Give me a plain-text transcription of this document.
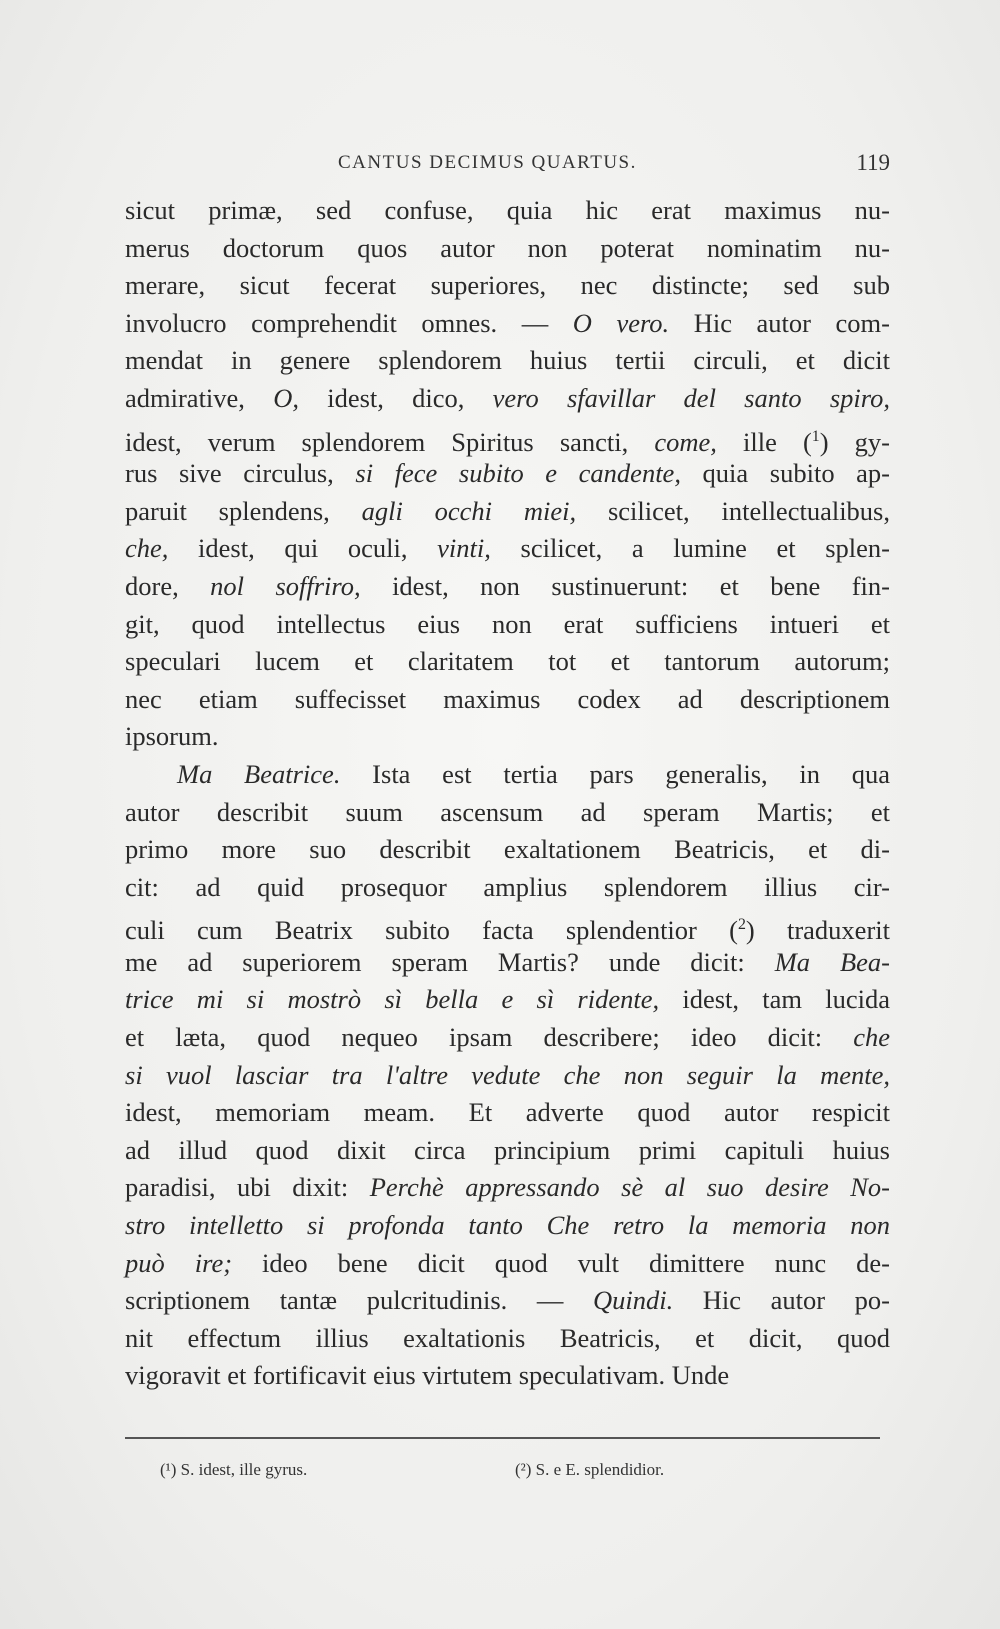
CANTUS DECIMUS QUARTUS.	119
sicut primæ, sed confuse, quia hic erat maximus nu-
merus doctorum quos autor non poterat nominatim nu-
merare, sicut fecerat superiores, nec distincte; sed sub
involucro comprehendit omnes. — O vero. Hic autor com-
mendat in genere splendorem huius tertii circuli, et dicit
admirative, O, idest, dico, vero sfavillar del santo spiro,
idest, verum splendorem Spiritus sancti, come, ille ($^1$) gy-
rus sive circulus, si fece subito e candente, quia subito ap-
paruit splendens, agli occhi miei, scilicet, intellectualibus,
che, idest, qui oculi, vinti, scilicet, a lumine et splen-
dore, nol soffriro, idest, non sustinuerunt: et bene fin-
git, quod intellectus eius non erat sufficiens intueri et
speculari lucem et claritatem tot et tantorum autorum;
nec etiam suffecisset maximus codex ad descriptionem
ipsorum.
Ma Beatrice. Ista est tertia pars generalis, in qua
autor describit suum ascensum ad speram Martis; et
primo more suo describit exaltationem Beatricis, et di-
cit: ad quid prosequor amplius splendorem illius cir-
culi cum Beatrix subito facta splendentior ($^2$) traduxerit
me ad superiorem speram Martis? unde dicit: Ma Bea-
trice mi si mostrò sì bella e sì ridente, idest, tam lucida
et læta, quod nequeo ipsam describere; ideo dicit: che
si vuol lasciar tra l'altre vedute che non seguir la mente,
idest, memoriam meam. Et adverte quod autor respicit
ad illud quod dixit circa principium primi capituli huius
paradisi, ubi dixit: Perchè appressando sè al suo desire No-
stro intelletto si profonda tanto Che retro la memoria non
può ire; ideo bene dicit quod vult dimittere nunc de-
scriptionem tantæ pulcritudinis. — Quindi. Hic autor po-
nit effectum illius exaltationis Beatricis, et dicit, quod
vigoravit et fortificavit eius virtutem speculativam. Unde
(¹) S. idest, ille gyrus.	(²) S. e E. splendidior.
